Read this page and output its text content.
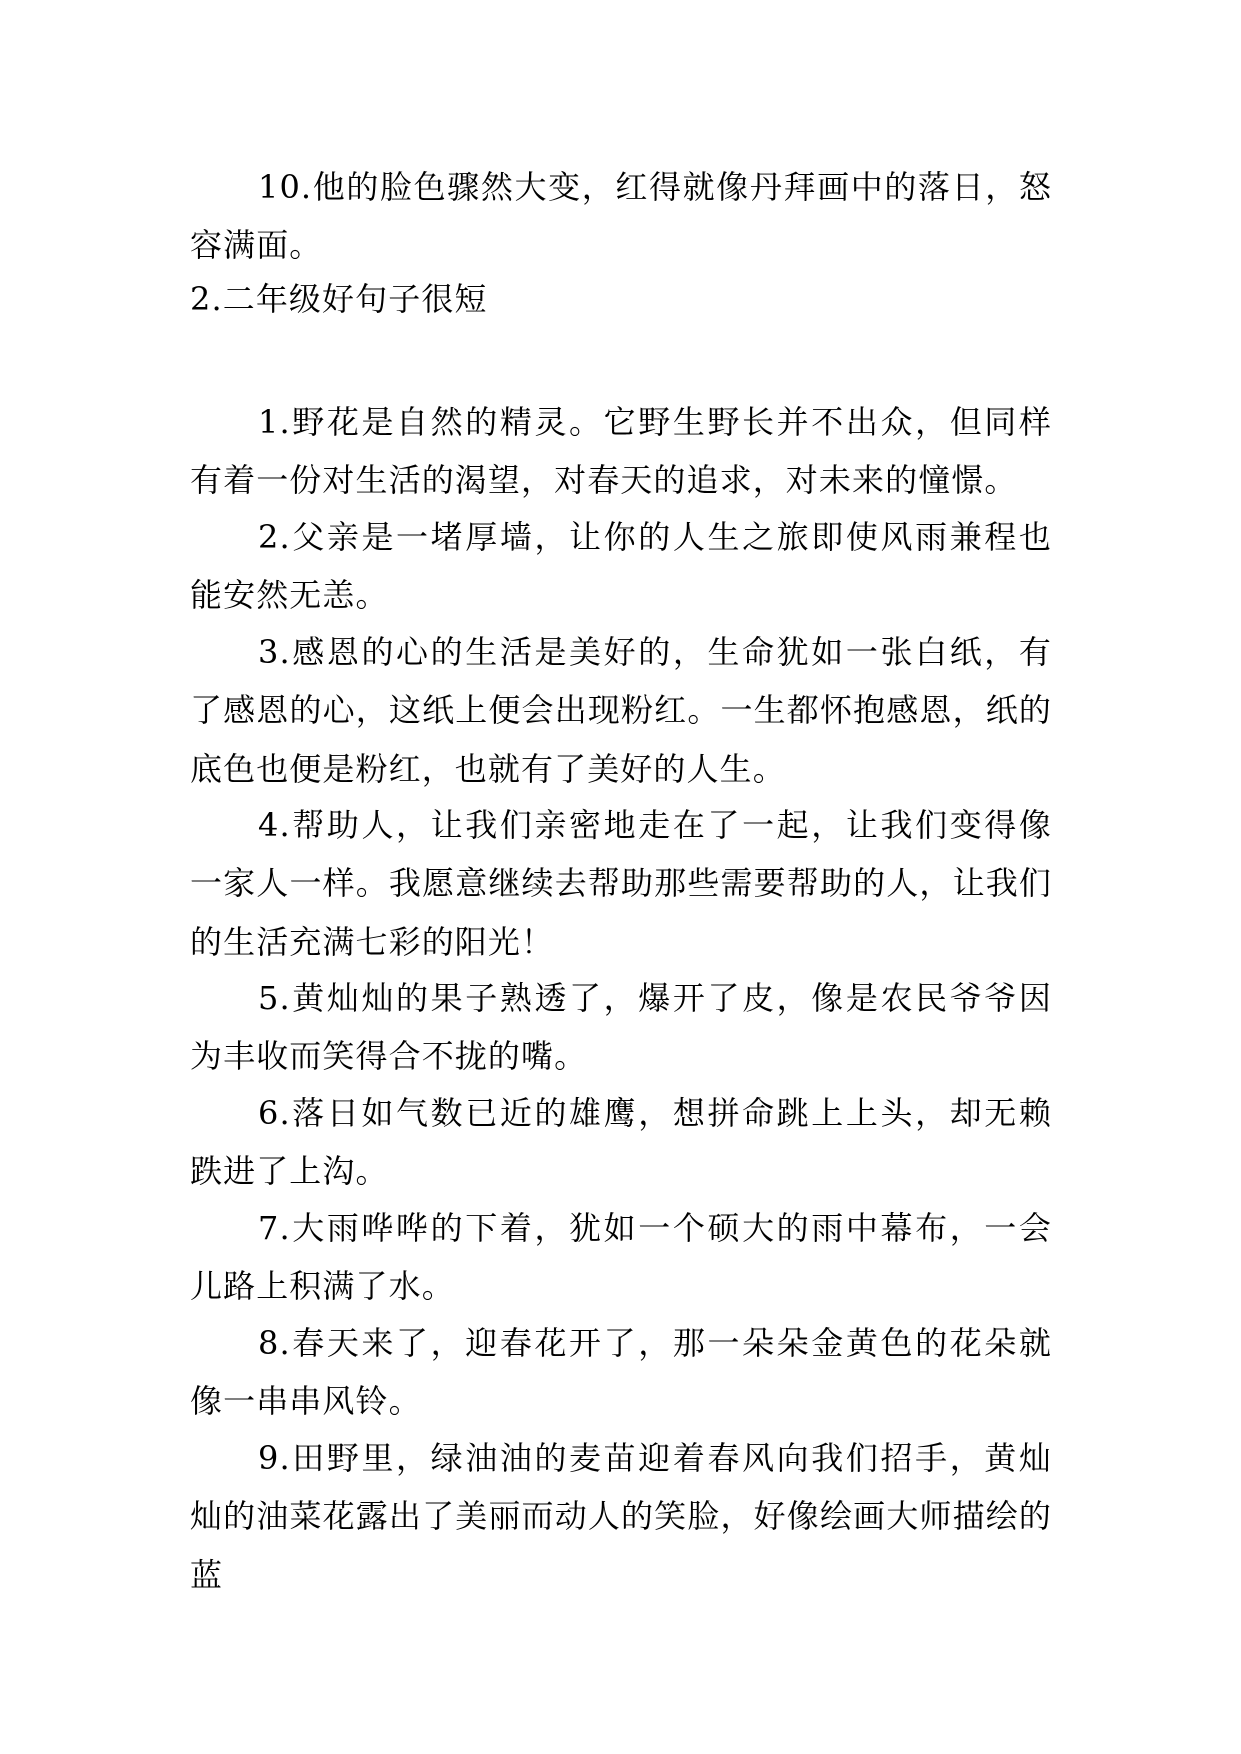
10.他的脸色骤然大变，红得就像丹拜画中的落日，怒容满面。

2.二年级好句子很短

1.野花是自然的精灵。它野生野长并不出众，但同样有着一份对生活的渴望，对春天的追求，对未来的憧憬。

2.父亲是一堵厚墙，让你的人生之旅即使风雨兼程也能安然无恙。

3.感恩的心的生活是美好的，生命犹如一张白纸，有了感恩的心，这纸上便会出现粉红。一生都怀抱感恩，纸的底色也便是粉红，也就有了美好的人生。

4.帮助人，让我们亲密地走在了一起，让我们变得像一家人一样。我愿意继续去帮助那些需要帮助的人，让我们的生活充满七彩的阳光！

5.黄灿灿的果子熟透了，爆开了皮，像是农民爷爷因为丰收而笑得合不拢的嘴。

6.落日如气数已近的雄鹰，想拼命跳上上头，却无赖跌进了上沟。

7.大雨哗哗的下着，犹如一个硕大的雨中幕布，一会儿路上积满了水。

8.春天来了，迎春花开了，那一朵朵金黄色的花朵就像一串串风铃。

9.田野里，绿油油的麦苗迎着春风向我们招手，黄灿灿的油菜花露出了美丽而动人的笑脸，好像绘画大师描绘的蓝
